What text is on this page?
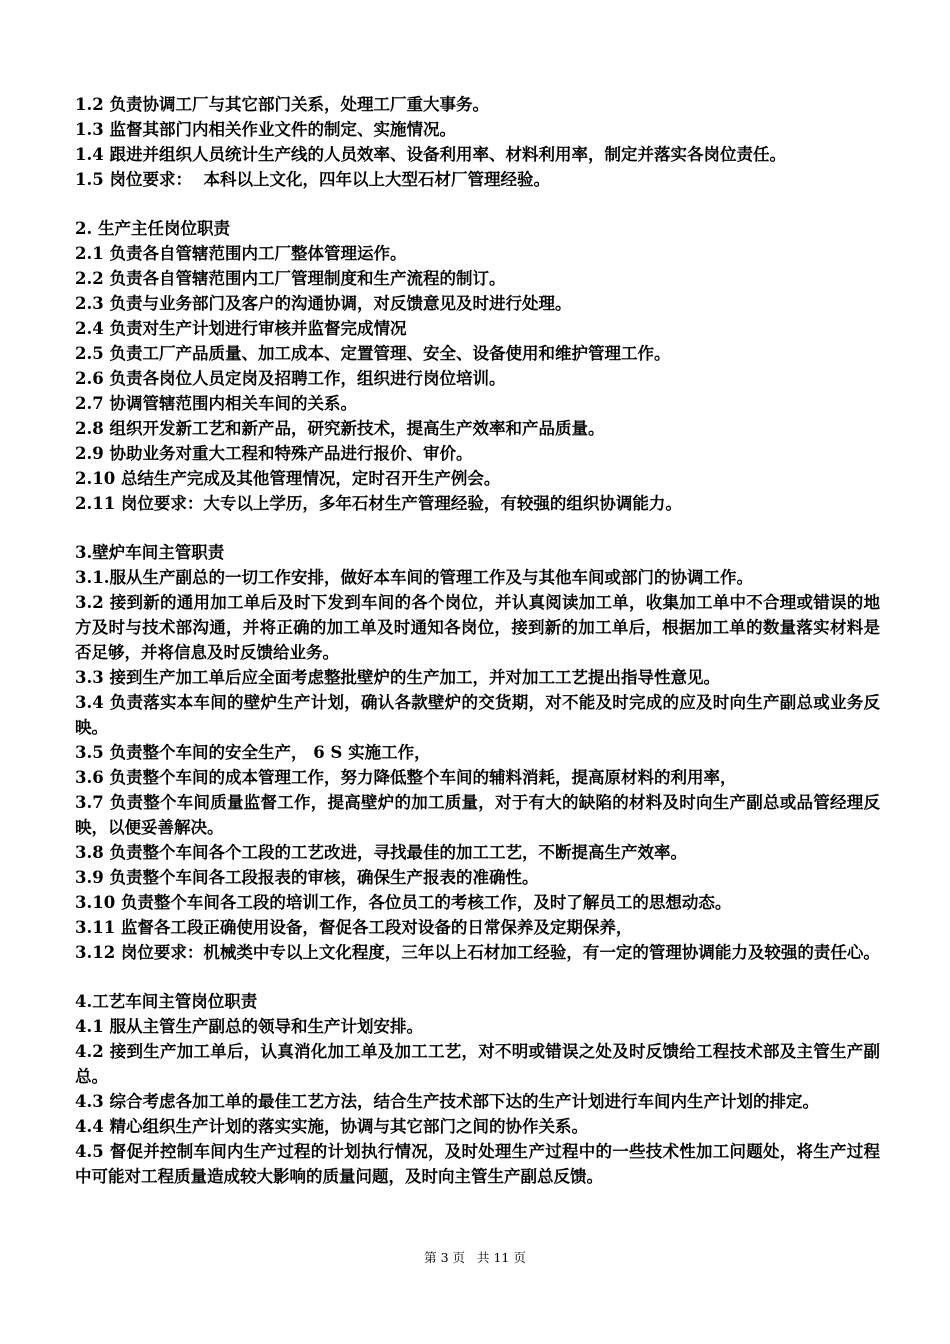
1.2 负责协调工厂与其它部门关系，处理工厂重大事务。
1.3 监督其部门内相关作业文件的制定、实施情况。
1.4 跟进并组织人员统计生产线的人员效率、设备利用率、材料利用率，制定并落实各岗位责任。
1.5 岗位要求：  本科以上文化，四年以上大型石材厂管理经验。
2. 生产主任岗位职责
2.1 负责各自管辖范围内工厂整体管理运作。
2.2 负责各自管辖范围内工厂管理制度和生产流程的制订。
2.3 负责与业务部门及客户的沟通协调，对反馈意见及时进行处理。
2.4 负责对生产计划进行审核并监督完成情况
2.5 负责工厂产品质量、加工成本、定置管理、安全、设备使用和维护管理工作。
2.6 负责各岗位人员定岗及招聘工作，组织进行岗位培训。
2.7 协调管辖范围内相关车间的关系。
2.8 组织开发新工艺和新产品，研究新技术，提高生产效率和产品质量。
2.9 协助业务对重大工程和特殊产品进行报价、审价。
2.10 总结生产完成及其他管理情况，定时召开生产例会。
2.11 岗位要求：大专以上学历，多年石材生产管理经验，有较强的组织协调能力。
3.壁炉车间主管职责
3.1.服从生产副总的一切工作安排，做好本车间的管理工作及与其他车间或部门的协调工作。
3.2 接到新的通用加工单后及时下发到车间的各个岗位，并认真阅读加工单，收集加工单中不合理或错误的地方及时与技术部沟通，并将正确的加工单及时通知各岗位，接到新的加工单后，根据加工单的数量落实材料是否足够，并将信息及时反馈给业务。
3.3 接到生产加工单后应全面考虑整批壁炉的生产加工，并对加工工艺提出指导性意见。
3.4 负责落实本车间的壁炉生产计划，确认各款壁炉的交货期，对不能及时完成的应及时向生产副总或业务反映。
3.5 负责整个车间的安全生产， 6 S 实施工作，
3.6 负责整个车间的成本管理工作，努力降低整个车间的辅料消耗，提高原材料的利用率，
3.7 负责整个车间质量监督工作，提高壁炉的加工质量，对于有大的缺陷的材料及时向生产副总或品管经理反映，以便妥善解决。
3.8 负责整个车间各个工段的工艺改进，寻找最佳的加工工艺，不断提高生产效率。
3.9 负责整个车间各工段报表的审核，确保生产报表的准确性。
3.10 负责整个车间各工段的培训工作，各位员工的考核工作，及时了解员工的思想动态。
3.11 监督各工段正确使用设备，督促各工段对设备的日常保养及定期保养，
3.12 岗位要求：机械类中专以上文化程度，三年以上石材加工经验，有一定的管理协调能力及较强的责任心。
4.工艺车间主管岗位职责
4.1 服从主管生产副总的领导和生产计划安排。
4.2 接到生产加工单后，认真消化加工单及加工工艺，对不明或错误之处及时反馈给工程技术部及主管生产副总。
4.3 综合考虑各加工单的最佳工艺方法，结合生产技术部下达的生产计划进行车间内生产计划的排定。
4.4 精心组织生产计划的落实实施，协调与其它部门之间的协作关系。
4.5 督促并控制车间内生产过程的计划执行情况，及时处理生产过程中的一些技术性加工问题处，将生产过程中可能对工程质量造成较大影响的质量问题，及时向主管生产副总反馈。
第 3 页   共 11 页
